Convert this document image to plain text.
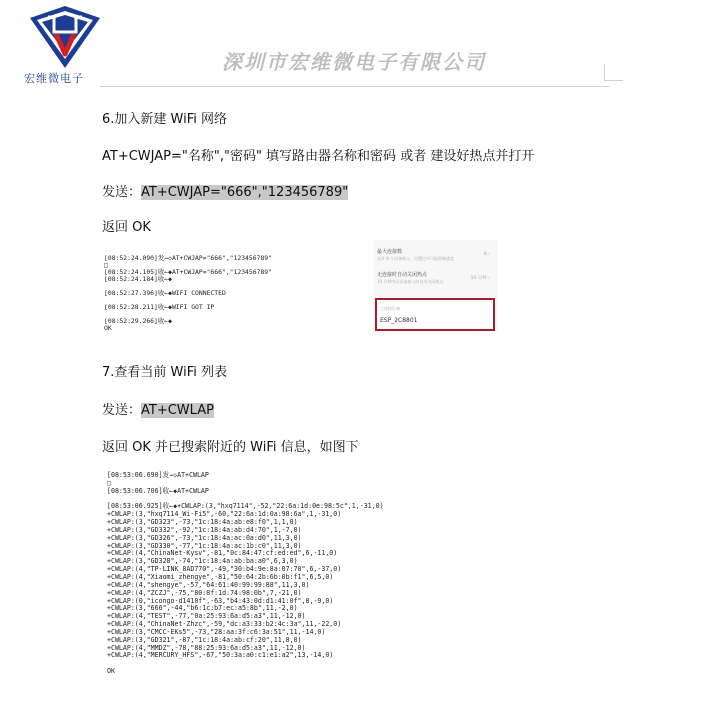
宏维微电子
深圳市宏维微电子有限公司
6.加入新建 WiFi 网络
AT+CWJAP="名称","密码" 填写路由器名称和密码 或者 建设好热点并打开
发送：AT+CWJAP="666","123456789"
返回 OK
[08:52:24.090]发→◇AT+CWJAP="666","123456789"
□
[08:52:24.105]收←◆AT+CWJAP="666","123456789"
[08:52:24.184]收←◆

[08:52:27.396]收←◆WIFI CONNECTED

[08:52:28.211]收←◆WIFI GOT IP

[08:52:29.266]收←◆
OK
最大连接数
允许 8 个设备接入，设置过多可能影响速度
8 ›
无连接时自动关闭热点
10 分钟内无设备接入时自动关闭热点
10 分钟 ›
已连接设备
ESP_2C8801
7.查看当前 WiFi 列表
发送：AT+CWLAP
返回 OK 并已搜索附近的 WiFi 信息，如图下
[08:53:06.690]发→◇AT+CWLAP
□
[08:53:06.706]收←◆AT+CWLAP

[08:53:06.925]收←◆+CWLAP:(3,"hxq7114",-52,"22:6a:1d:0e:98:5c",1,-31,0)
+CWLAP:(3,"hxq7114_Wi-Fi5",-60,"22:6a:1d:0a:98:6a",1,-31,0)
+CWLAP:(3,"GD323",-73,"1c:18:4a:ab:e8:f0",1,1,0)
+CWLAP:(3,"GD332",-92,"1c:18:4a:ab:d4:70",1,-7,0)
+CWLAP:(3,"GD326",-73,"1c:18:4a:ac:0a:d0",11,3,0)
+CWLAP:(3,"GD330",-77,"1c:18:4a:ac:1b:c0",11,3,0)
+CWLAP:(4,"ChinaNet-Kysv",-81,"0c:84:47:cf:ed:ed",6,-11,0)
+CWLAP:(3,"GD328",-74,"1c:18:4a:ab:ba:a0",6,3,0)
+CWLAP:(4,"TP-LINK_8AD770",-49,"30:b4:9e:8a:07:70",6,-37,0)
+CWLAP:(4,"Xiaomi_zhengye",-81,"50:64:2b:6b:0b:f1",6,5,0)
+CWLAP:(4,"shengye",-57,"64:61:40:99:99:88",11,3,0)
+CWLAP:(4,"ZCZJ",-75,"80:8f:1d:74:98:0b",7,-21,0)
+CWLAP:(0,"icongo-d1410f",-63,"b4:43:0d:d1:41:0f",8,-9,0)
+CWLAP:(3,"666",-44,"b6:1c:b7:ec:a5:8b",11,-2,0)
+CWLAP:(4,"TEST",-77,"0a:25:93:6a:d5:a3",11,-12,0)
+CWLAP:(4,"ChinaNet-Zhzc",-59,"dc:a3:33:b2:4c:3a",11,-22,0)
+CWLAP:(3,"CMCC-EKs5",-73,"28:aa:3f:c6:3a:51",11,-14,0)
+CWLAP:(3,"GD321",-87,"1c:18:4a:ab:cf:20",11,8,0)
+CWLAP:(4,"MMDZ",-78,"88:25:93:6a:d5:a3",11,-12,0)
+CWLAP:(4,"MERCURY_HFS",-67,"50:3a:a0:c1:e1:a2",13,-14,0)

OK
